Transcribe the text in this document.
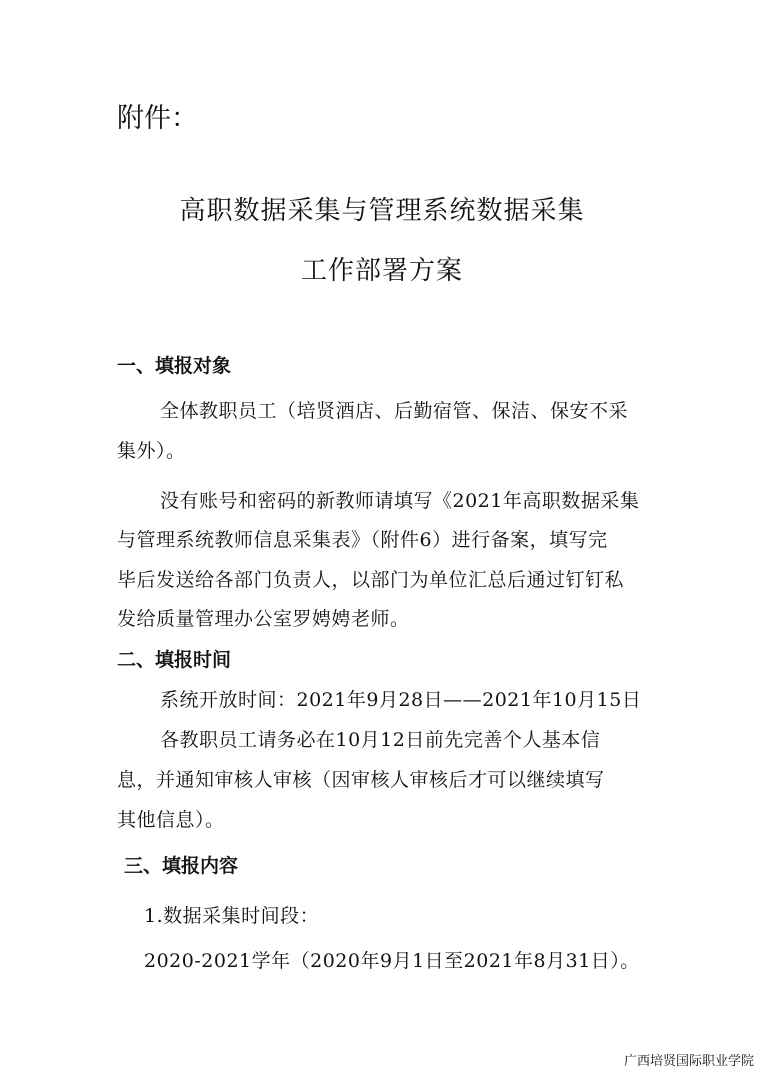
附件：
高职数据采集与管理系统数据采集
工作部署方案
一、填报对象
全体教职员工（培贤酒店、后勤宿管、保洁、保安不采
集外）。
没有账号和密码的新教师请填写《2021年高职数据采集
与管理系统教师信息采集表》（附件6）进行备案，填写完
毕后发送给各部门负责人，以部门为单位汇总后通过钉钉私
发给质量管理办公室罗娉娉老师。
二、填报时间
系统开放时间：2021年9月28日——2021年10月15日
各教职员工请务必在10月12日前先完善个人基本信
息，并通知审核人审核（因审核人审核后才可以继续填写
其他信息）。
三、填报内容
1.数据采集时间段：
2020-2021学年（2020年9月1日至2021年8月31日）。
广西培贤国际职业学院
